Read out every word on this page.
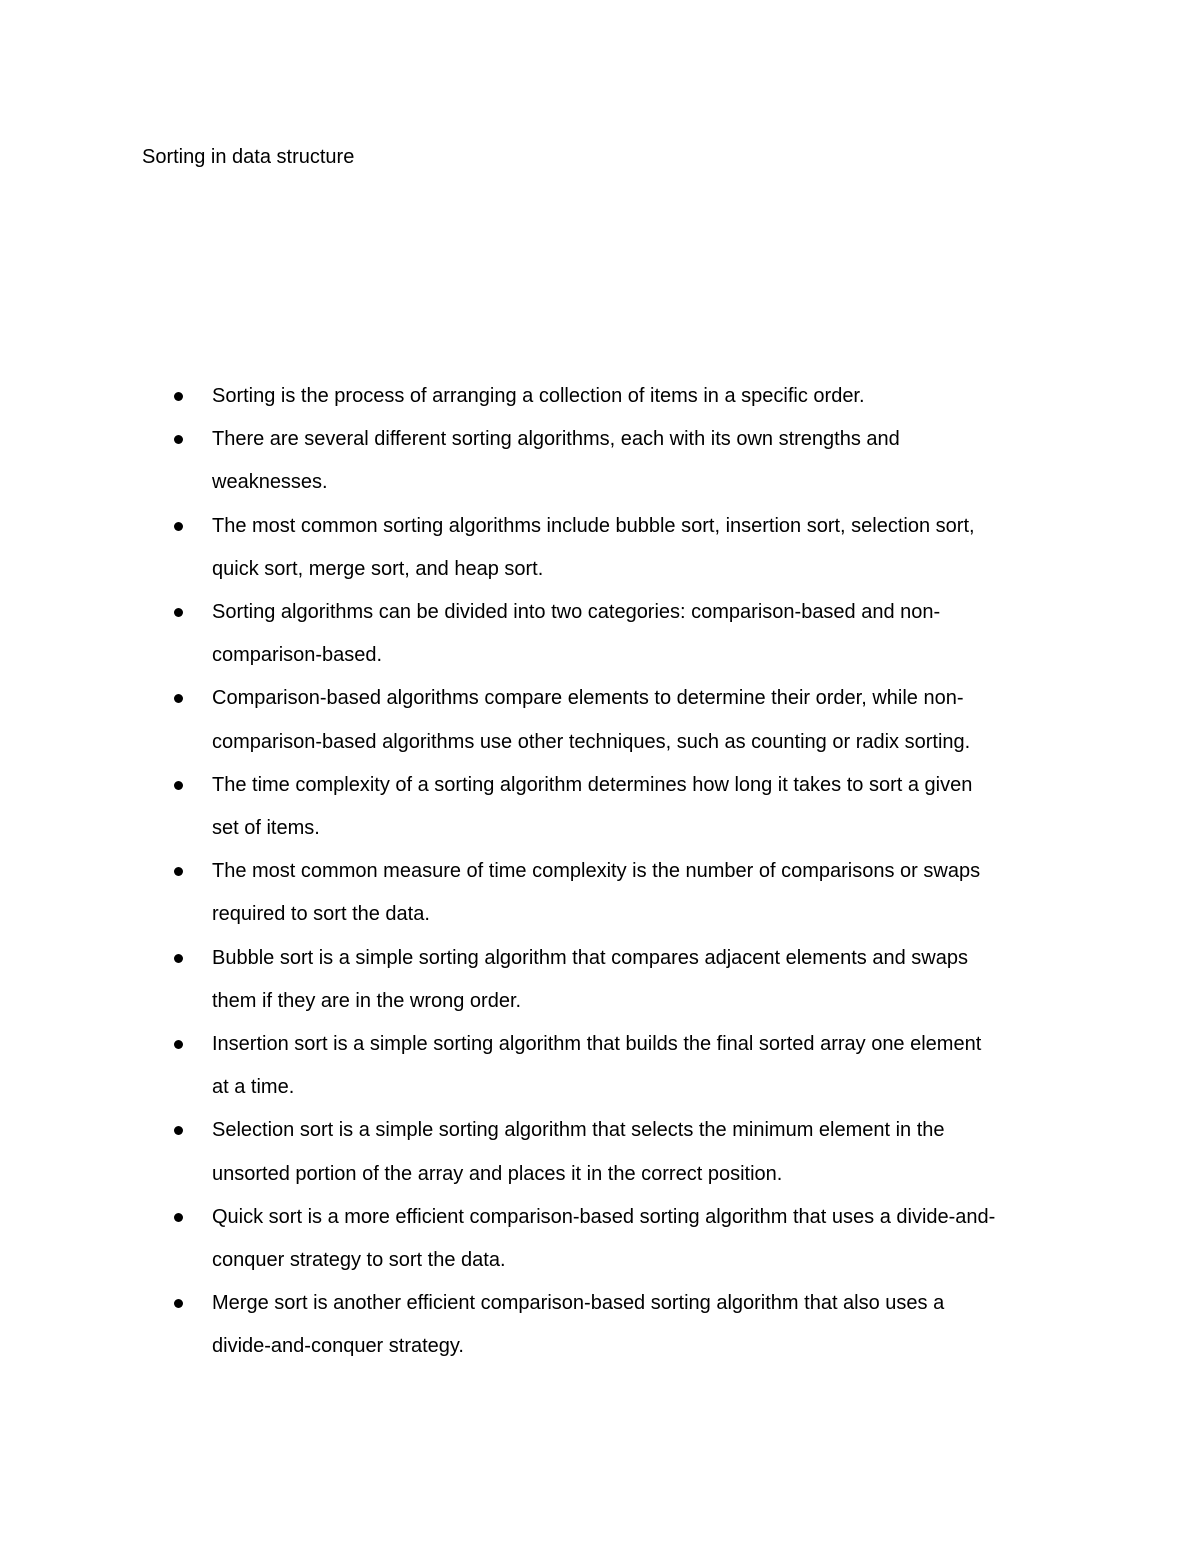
Sorting in data structure
Sorting is the process of arranging a collection of items in a specific order.
There are several different sorting algorithms, each with its own strengths and
weaknesses.
The most common sorting algorithms include bubble sort, insertion sort, selection sort,
quick sort, merge sort, and heap sort.
Sorting algorithms can be divided into two categories: comparison-based and non-
comparison-based.
Comparison-based algorithms compare elements to determine their order, while non-
comparison-based algorithms use other techniques, such as counting or radix sorting.
The time complexity of a sorting algorithm determines how long it takes to sort a given
set of items.
The most common measure of time complexity is the number of comparisons or swaps
required to sort the data.
Bubble sort is a simple sorting algorithm that compares adjacent elements and swaps
them if they are in the wrong order.
Insertion sort is a simple sorting algorithm that builds the final sorted array one element
at a time.
Selection sort is a simple sorting algorithm that selects the minimum element in the
unsorted portion of the array and places it in the correct position.
Quick sort is a more efficient comparison-based sorting algorithm that uses a divide-and-
conquer strategy to sort the data.
Merge sort is another efficient comparison-based sorting algorithm that also uses a
divide-and-conquer strategy.
